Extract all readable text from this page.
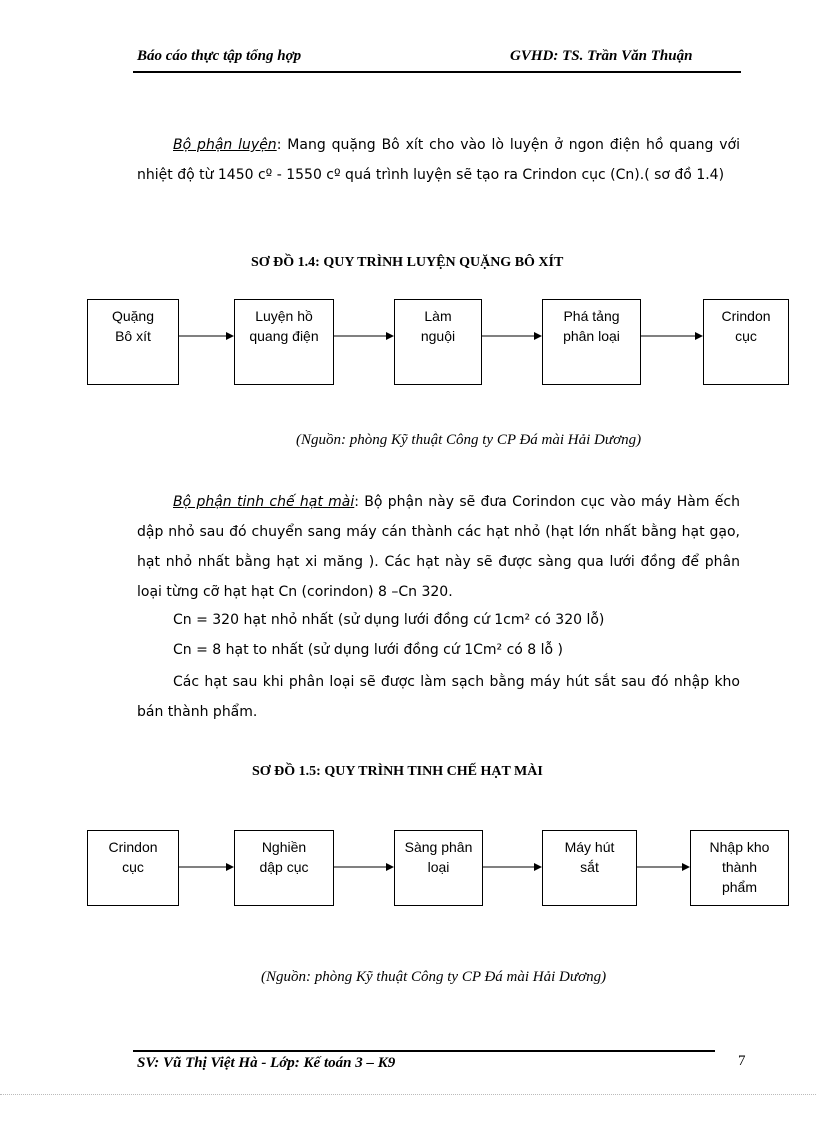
Báo cáo thực tập tổng hợp	GVHD: TS. Trần Văn Thuận
Bộ phận luyện: Mang quặng Bô xít cho vào lò luyện ở ngon điện hồ quang với nhiệt độ từ 1450 cº - 1550 cº quá trình luyện sẽ tạo ra Crindon cục (Cn).( sơ đồ 1.4)
SƠ ĐỒ 1.4: QUY TRÌNH LUYỆN QUẶNG BÔ XÍT
Quặng
Bô xít
Luyện hồ
quang điện
Làm
nguội
Phá tảng
phân loại
Crindon
cục
(Nguồn: phòng Kỹ thuật Công ty CP Đá mài Hải Dương)
Bộ phận tinh chế hạt mài: Bộ phận này sẽ đưa Corindon cục vào máy Hàm ếch dập nhỏ sau đó chuyển sang máy cán thành các hạt nhỏ (hạt lớn nhất bằng hạt gạo, hạt nhỏ nhất bằng hạt xi măng ). Các hạt này sẽ được sàng qua lưới đồng để phân loại từng cỡ hạt hạt Cn (corindon) 8 –Cn 320.
Cn = 320 hạt nhỏ nhất (sử dụng lưới đồng cứ 1cm² có 320 lỗ)
Cn = 8 hạt to nhất (sử dụng lưới đồng cứ 1Cm² có 8 lỗ )
Các hạt sau khi phân loại sẽ được làm sạch bằng máy hút sắt sau đó nhập kho bán thành phẩm.
SƠ ĐỒ 1.5: QUY TRÌNH TINH CHẾ HẠT MÀI
Crindon
cục
Nghiền
dập cục
Sàng phân
loại
Máy hút
sắt
Nhập kho
thành
phẩm
(Nguồn: phòng Kỹ thuật Công ty CP Đá mài Hải Dương)
SV: Vũ Thị Việt Hà - Lớp: Kế toán 3 – K9	7
